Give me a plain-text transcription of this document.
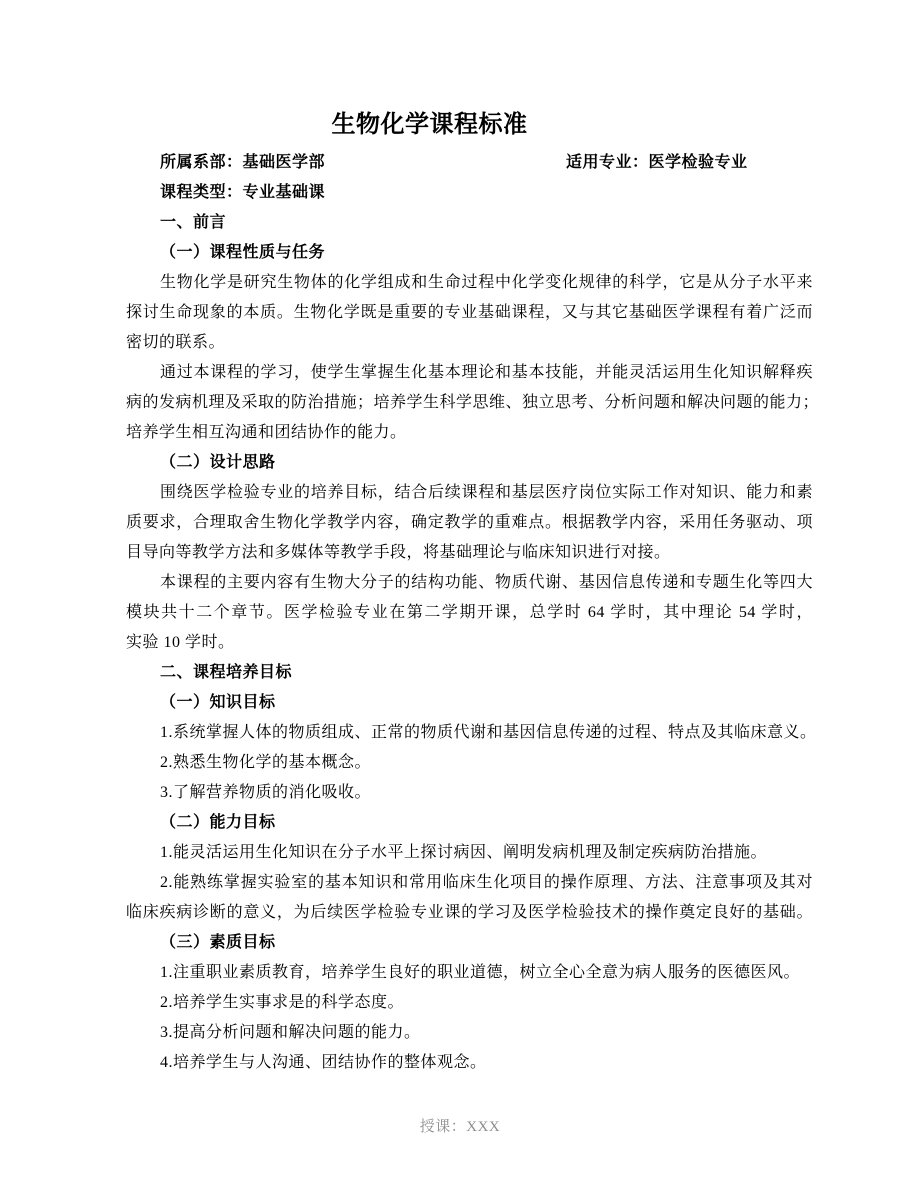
生物化学课程标准
所属系部：基础医学部	适用专业：医学检验专业
课程类型：专业基础课
一、前言
（一）课程性质与任务
生物化学是研究生物体的化学组成和生命过程中化学变化规律的科学，它是从分子水平来
探讨生命现象的本质。生物化学既是重要的专业基础课程，又与其它基础医学课程有着广泛而
密切的联系。
通过本课程的学习，使学生掌握生化基本理论和基本技能，并能灵活运用生化知识解释疾
病的发病机理及采取的防治措施；培养学生科学思维、独立思考、分析问题和解决问题的能力；
培养学生相互沟通和团结协作的能力。
（二）设计思路
围绕医学检验专业的培养目标，结合后续课程和基层医疗岗位实际工作对知识、能力和素
质要求，合理取舍生物化学教学内容，确定教学的重难点。根据教学内容，采用任务驱动、项
目导向等教学方法和多媒体等教学手段，将基础理论与临床知识进行对接。
本课程的主要内容有生物大分子的结构功能、物质代谢、基因信息传递和专题生化等四大
模块共十二个章节。医学检验专业在第二学期开课，总学时 64 学时，其中理论 54 学时，
实验 10 学时。
二、课程培养目标
（一）知识目标
1.系统掌握人体的物质组成、正常的物质代谢和基因信息传递的过程、特点及其临床意义。
2.熟悉生物化学的基本概念。
3.了解营养物质的消化吸收。
（二）能力目标
1.能灵活运用生化知识在分子水平上探讨病因、阐明发病机理及制定疾病防治措施。
2.能熟练掌握实验室的基本知识和常用临床生化项目的操作原理、方法、注意事项及其对
临床疾病诊断的意义，为后续医学检验专业课的学习及医学检验技术的操作奠定良好的基础。
（三）素质目标
1.注重职业素质教育，培养学生良好的职业道德，树立全心全意为病人服务的医德医风。
2.培养学生实事求是的科学态度。
3.提高分析问题和解决问题的能力。
4.培养学生与人沟通、团结协作的整体观念。
授课：XXX
